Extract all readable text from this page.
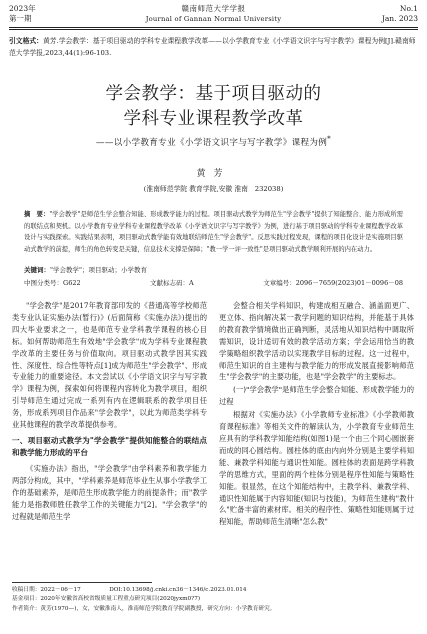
2023年
第一期
赣南师范大学学报
Journal of Gannan Normal University
No.1
Jan. 2023
引文格式：黄芳.学会教学：基于项目驱动的学科专业课程教学改革——以小学教育专业《小学语文识字与写字教学》课程为例[J].赣南师范大学学报,2023,44(1):96-103.
学会教学：基于项目驱动的
学科专业课程教学改革
——以小学教育专业《小学语文识字与写字教学》课程为例*
黄芳
(淮南师范学院 教育学院,安徽 淮南　232038)
摘　要："学会教学"是师范生学会整合知能、形成教学能力的过程。项目驱动式教学为师范生"学会教学"提供了知能整合、能力形成所需的联结点和契机。以小学教育专业学科专业课程教学改革《小学语文识字与写字教学》为例，进行基于项目驱动的学科专业课程教学改革设计与实践探索。实践结果表明，项目驱动式教学能有效地联结师范生"学会教学"。反思实践过程发现，课程的项目化设计是实施项目驱动式教学的前提，师生的角色转变是关键，信息技术支撑是保障；"教一学一评一致性"是项目驱动式教学顺利开展的内在动力。
关键词："学会教学"；项目驱动；小学教育
中图分类号：G622	文献标志码：A	文章编号：2096－7659(2023)01－0096－08

"学会教学"是2017年教育部印发的《普通高等学校师范类专业认证实施办法(暂行)》(后面简称《实施办法》)提出的四大毕业要求之一，也是师范专业学科教学课程的核心目标。如何帮助师范生有效地"学会教学"成为学科专业课程教学改革的主要任务与价值取向。项目驱动式教学因其实践性、深度性、综合性等特点[1]成为师范生"学会教学"、形成专业能力的重要途径。本文尝试以《小学语文识字与写字教学》课程为例，探索如何将课程内容转化为教学项目，组织引导师范生通过完成一系列有内在逻辑联系的教学项目任务，形成系列项目作品来"学会教学"，以此为师范类学科专业其他课程的教学改革提供参考。

一、项目驱动式教学为"学会教学"提供知能整合的联结点和教学能力形成的平台

《实施办法》指出，"学会教学"由学科素养和教学能力两部分构成，其中，"学科素养是师范毕业生从事小学教学工作的基础素养，是师范生形成教学能力的前提条件；而"教学能力是指教师胜任教学工作的关键能力"[2]。"学会教学"的过程就是师范生学

会整合相关学科知识，构建成相互融合、涵盖面更广、更立体、指向解决某一教学问题的知识结构，并能基于具体的教育教学情境做出正确判断，灵活地从知识结构中调取所需知识，设计适切有效的教学活动方案；学会运用恰当的教学策略组织教学活动以实现教学目标的过程。这一过程中，师范生知识的自主建构与教学能力的形成发展直接影响师范生"学会教学"的主要功能，也是"学会教学"的主要标志。

(一)"学会教学"是师范生学会整合知能、形成教学能力的过程

根据对《实施办法》《小学教师专业标准》《小学教师教育课程标准》等相关文件的解读认为，小学教育专业师范生应具有的学科教学知能结构(如图1)是一个由三个同心圆嵌套而成的同心圆结构。圆柱体的底由内向外分别是主要学科知能、兼教学科知能与通识性知能。圆柱体的表面是跨学科教学的思维方式，里面的两个柱体分别是程序性知能与策略性知能。很显然，在这个知能结构中，主教学科、兼教学科、通识性知能属于内容知能(知识与技能)，为师范生建构"教什么"贮备丰富的素材库。相关的程序性、策略性知能则属于过程知能，帮助师范生清晰"怎么教"

收稿日期：2022－06－17　　　　　DOI:10.13698/j.cnki.cn36－1346/c.2023.01.014
基金项目：2020年安徽省高校省级质量工程重点研究项目(2020jyxm0?7)
作者简介：黄芳(1970—)，女，安徽淮南人，淮南师范学院教育学院副教授，研究方向：小学教育研究。
